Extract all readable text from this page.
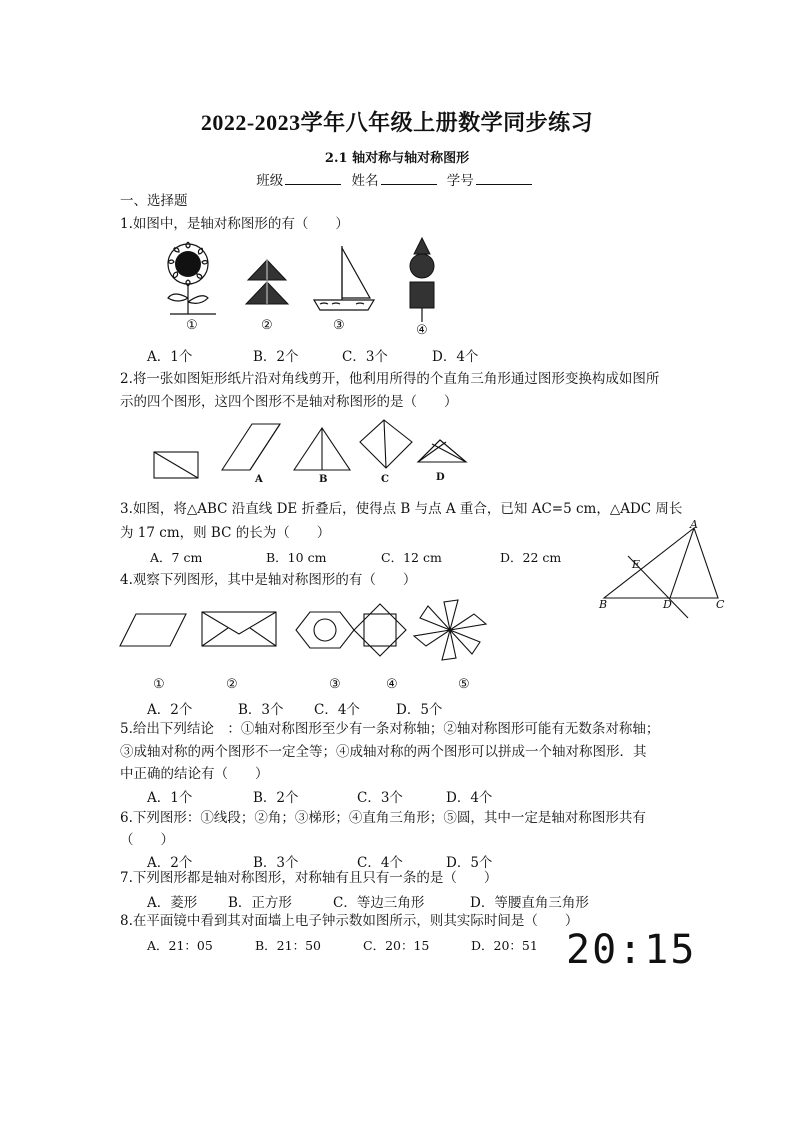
2022-2023学年八年级上册数学同步练习
2.1 轴对称与轴对称图形
班级	姓名	学号
一、选择题
1.如图中，是轴对称图形的有（　　）
①	②	③	④
A．1个	B．2个	C．3个	D．4个
2.将一张如图矩形纸片沿对角线剪开，他利用所得的个直角三角形通过图形变换构成如图所
示的四个图形，这四个图形不是轴对称图形的是（　　）
A	B	C	D
3.如图，将△ABC 沿直线 DE 折叠后，使得点 B 与点 A 重合，已知 AC=5 cm，△ADC 周长
为 17 cm，则 BC 的长为（　　）
A．7 cm	B．10 cm	C．12 cm	D．22 cm
A
E
B	D	C
4.观察下列图形，其中是轴对称图形的有（　　）
①	②	③	④	⑤
A．2个	B．3个 C．4个	D．5个
5.给出下列结论　：①轴对称图形至少有一条对称轴；②轴对称图形可能有无数条对称轴；
③成轴对称的两个图形不一定全等；④成轴对称的两个图形可以拼成一个轴对称图形．其
中正确的结论有（　　）
A．1个	B．2个	C．3个	D．4个
6.下列图形：①线段；②角；③梯形；④直角三角形；⑤圆，其中一定是轴对称图形共有
（　　）
A．2个	B．3个	C．4个	D．5个
7.下列图形都是轴对称图形，对称轴有且只有一条的是（　　）
A．菱形 B．正方形	C．等边三角形	D．等腰直角三角形
8.在平面镜中看到其对面墙上电子钟示数如图所示，则其实际时间是（　　）
A．21：05	B．21：50	C．20：15	D．20：51 20:15
